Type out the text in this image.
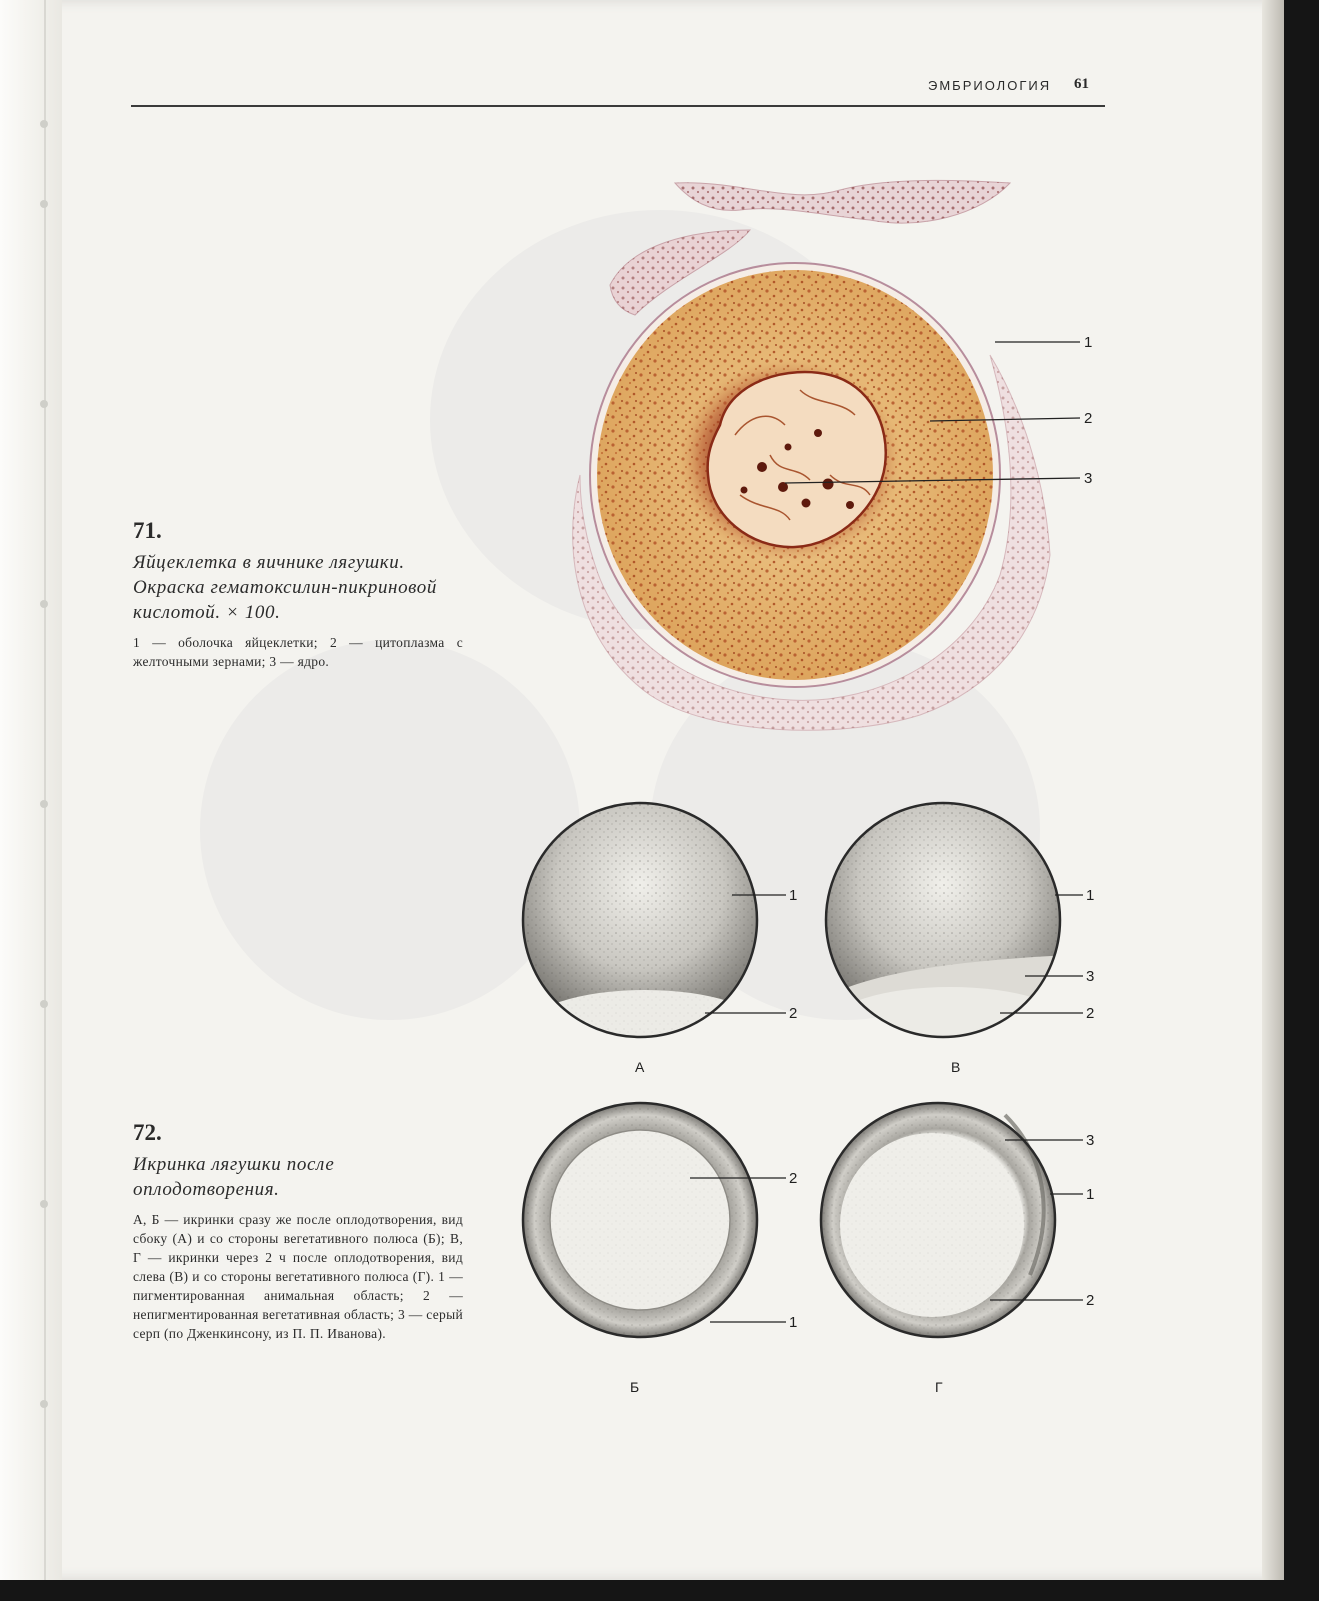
ЭМБРИОЛОГИЯ 61
71.
Яйцеклетка в яичнике лягушки. Окраска гематоксилин-пикриновой кислотой. × 100.
1 — оболочка яйцеклетки; 2 — цитоплазма с желточными зернами; 3 — ядро.
72.
Икринка лягушки после оплодотворения.
А, Б — икринки сразу же после оплодотворения, вид сбоку (А) и со стороны вегетативного полюса (Б); В, Г — икринки через 2 ч после оплодотворения, вид слева (В) и со стороны вегетативного полюса (Г). 1 — пигментированная анимальная область; 2 — непигментированная вегетативная область; 3 — серый серп (по Дженкинсону, из П. П. Иванова).
1
2
3
1
2
А
1
3
2
В
2
1
Б
3
1
2
Г
